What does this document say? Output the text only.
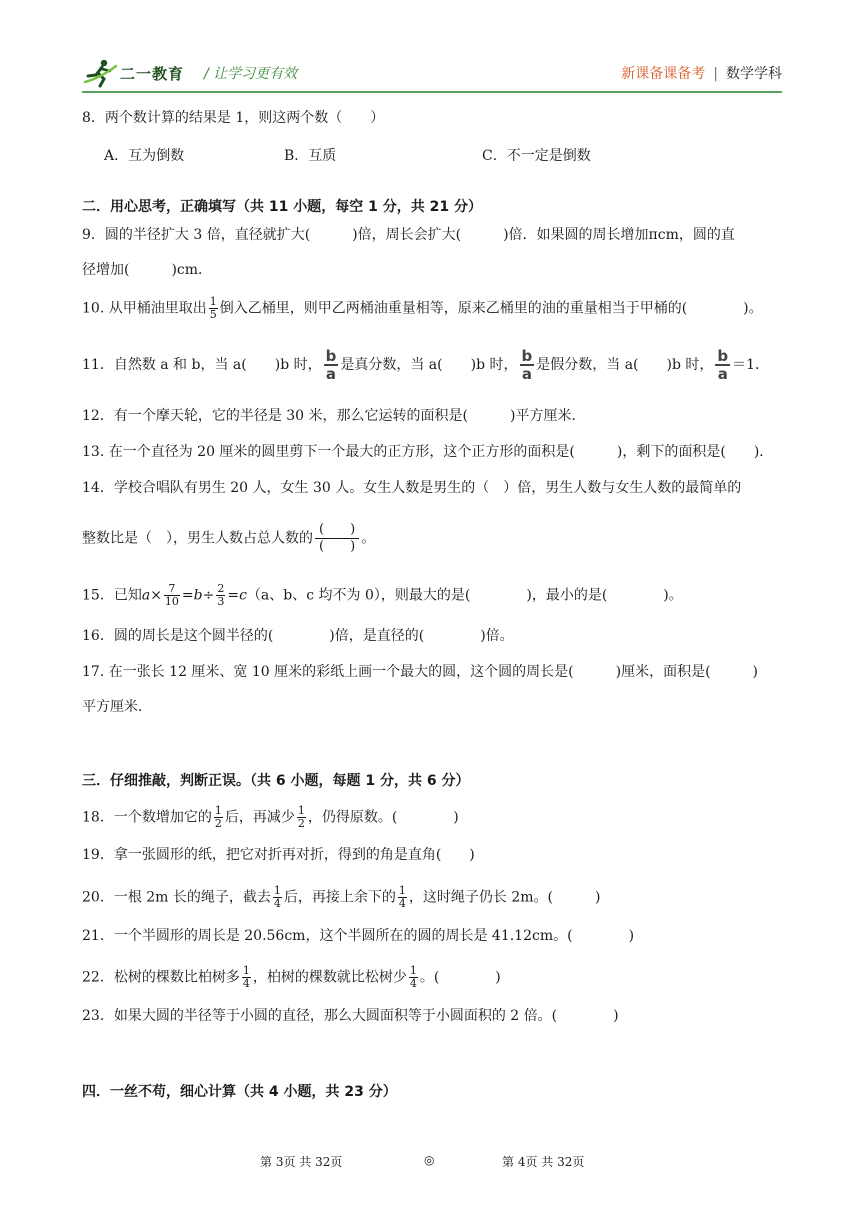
二一教育 / 让学习更有效	新课备课备考 | 数学学科
8．两个数计算的结果是 1，则这两个数（　　）
A．互为倒数	B．互质	C．不一定是倒数
二．用心思考，正确填写（共 11 小题，每空 1 分，共 21 分）
9．圆的半径扩大 3 倍，直径就扩大(　　　)倍，周长会扩大(　　　)倍．如果圆的周长增加πcm，圆的直
径增加(　　　)cm．
10. 从甲桶油里取出 $\frac{1}{5}$ 倒入乙桶里，则甲乙两桶油重量相等，原来乙桶里的油的重量相当于甲桶的(　　　　)。
11．自然数 a 和 b，当 a(　　)b 时， $\frac{b}{a}$ 是真分数，当 a(　　)b 时， $\frac{b}{a}$ 是假分数，当 a(　　)b 时， $\frac{b}{a} =1$．
12．有一个摩天轮，它的半径是 30 米，那么它运转的面积是(　　　)平方厘米．
13. 在一个直径为 20 厘米的圆里剪下一个最大的正方形，这个正方形的面积是(　　　)，剩下的面积是(　　)．
14．学校合唱队有男生 20 人，女生 30 人。女生人数是男生的（　）倍，男生人数与女生人数的最简单的
整数比是（　），男生人数占总人数的 $\frac{( )}{( )}$ 。
15．已知$a\times \frac{7}{10} =b\div \frac{2}{3} =c(a$、b、c 均不为 0），则最大的是(　　　　)，最小的是(　　　　)。
16．圆的周长是这个圆半径的(　　　　)倍，是直径的(　　　　)倍。
17. 在一张长 12 厘米、宽 10 厘米的彩纸上画一个最大的圆，这个圆的周长是(　　　)厘米，面积是(　　　)
平方厘米．
三．仔细推敲，判断正误。（共 6 小题，每题 1 分，共 6 分）
18．一个数增加它的 $\frac{1}{2}$ 后，再减少 $\frac{1}{2}$ ，仍得原数。(　　　　)
19．拿一张圆形的纸，把它对折再对折，得到的角是直角(　　)
20．一根 2m 长的绳子，截去 $\frac{1}{4}$ 后，再接上余下的 $\frac{1}{4}$ ，这时绳子仍长 2m。(　　　)
21．一个半圆形的周长是 20.56cm，这个半圆所在的圆的周长是 41.12cm。(　　　　)
22．松树的棵数比柏树多 $\frac{1}{4}$ ，柏树的棵数就比松树少 $\frac{1}{4}$ 。(　　　　)
23．如果大圆的半径等于小圆的直径，那么大圆面积等于小圆面积的 2 倍。(　　　　)
四．一丝不苟，细心计算（共 4 小题，共 23 分）
第 3页 共 32页	◎	第 4页 共 32页
